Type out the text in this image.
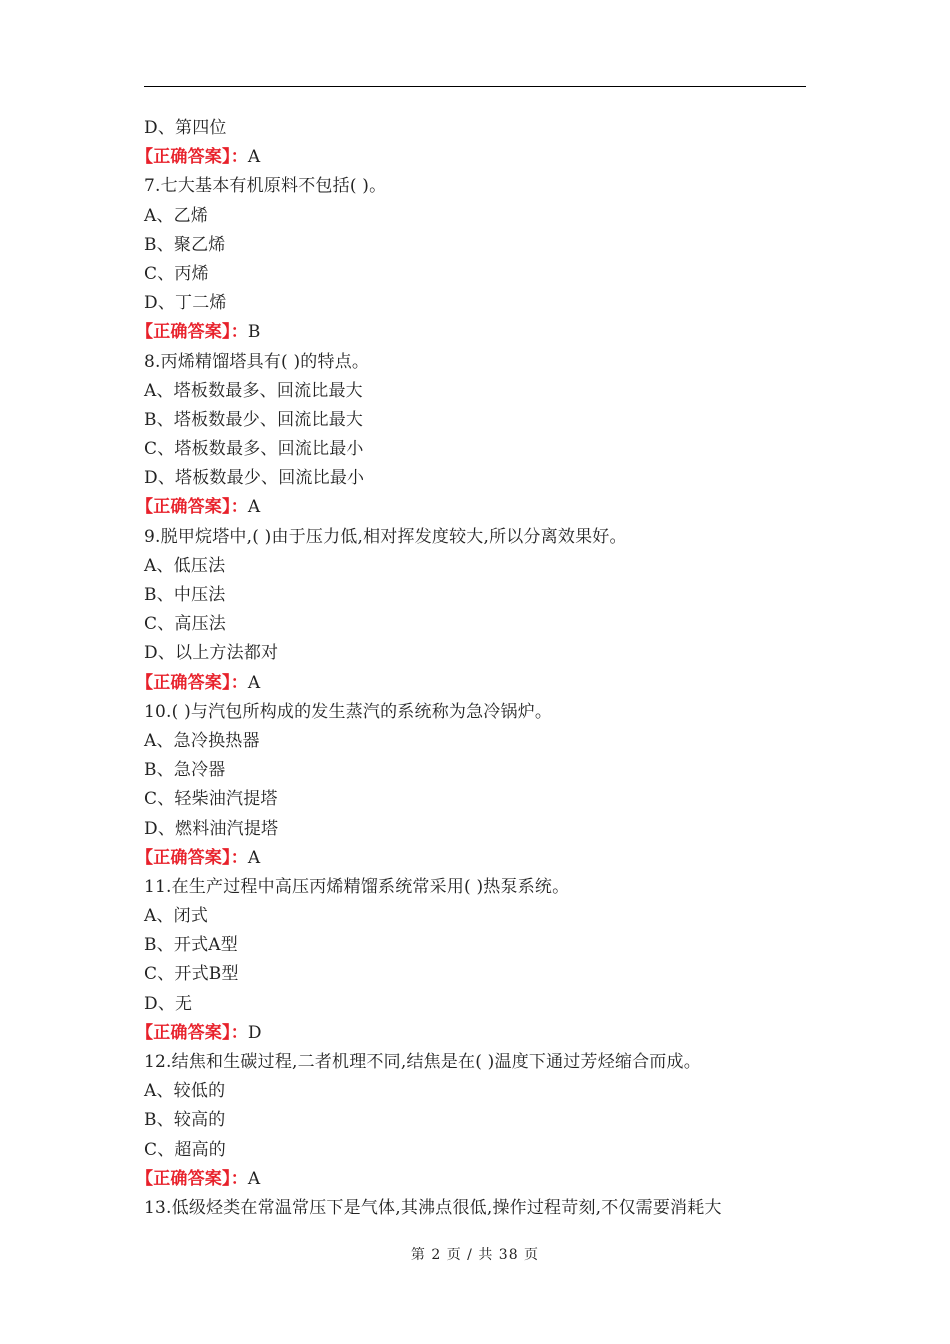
D、第四位
【正确答案】：A
7.七大基本有机原料不包括( )。
A、乙烯
B、聚乙烯
C、丙烯
D、丁二烯
【正确答案】：B
8.丙烯精馏塔具有( )的特点。
A、塔板数最多、回流比最大
B、塔板数最少、回流比最大
C、塔板数最多、回流比最小
D、塔板数最少、回流比最小
【正确答案】：A
9.脱甲烷塔中,( )由于压力低,相对挥发度较大,所以分离效果好。
A、低压法
B、中压法
C、高压法
D、以上方法都对
【正确答案】：A
10.( )与汽包所构成的发生蒸汽的系统称为急冷锅炉。
A、急冷换热器
B、急冷器
C、轻柴油汽提塔
D、燃料油汽提塔
【正确答案】：A
11.在生产过程中高压丙烯精馏系统常采用( )热泵系统。
A、闭式
B、开式A型
C、开式B型
D、无
【正确答案】：D
12.结焦和生碳过程,二者机理不同,结焦是在( )温度下通过芳烃缩合而成。
A、较低的
B、较高的
C、超高的
【正确答案】：A
13.低级烃类在常温常压下是气体,其沸点很低,操作过程苛刻,不仅需要消耗大
第 2 页 / 共 38 页
